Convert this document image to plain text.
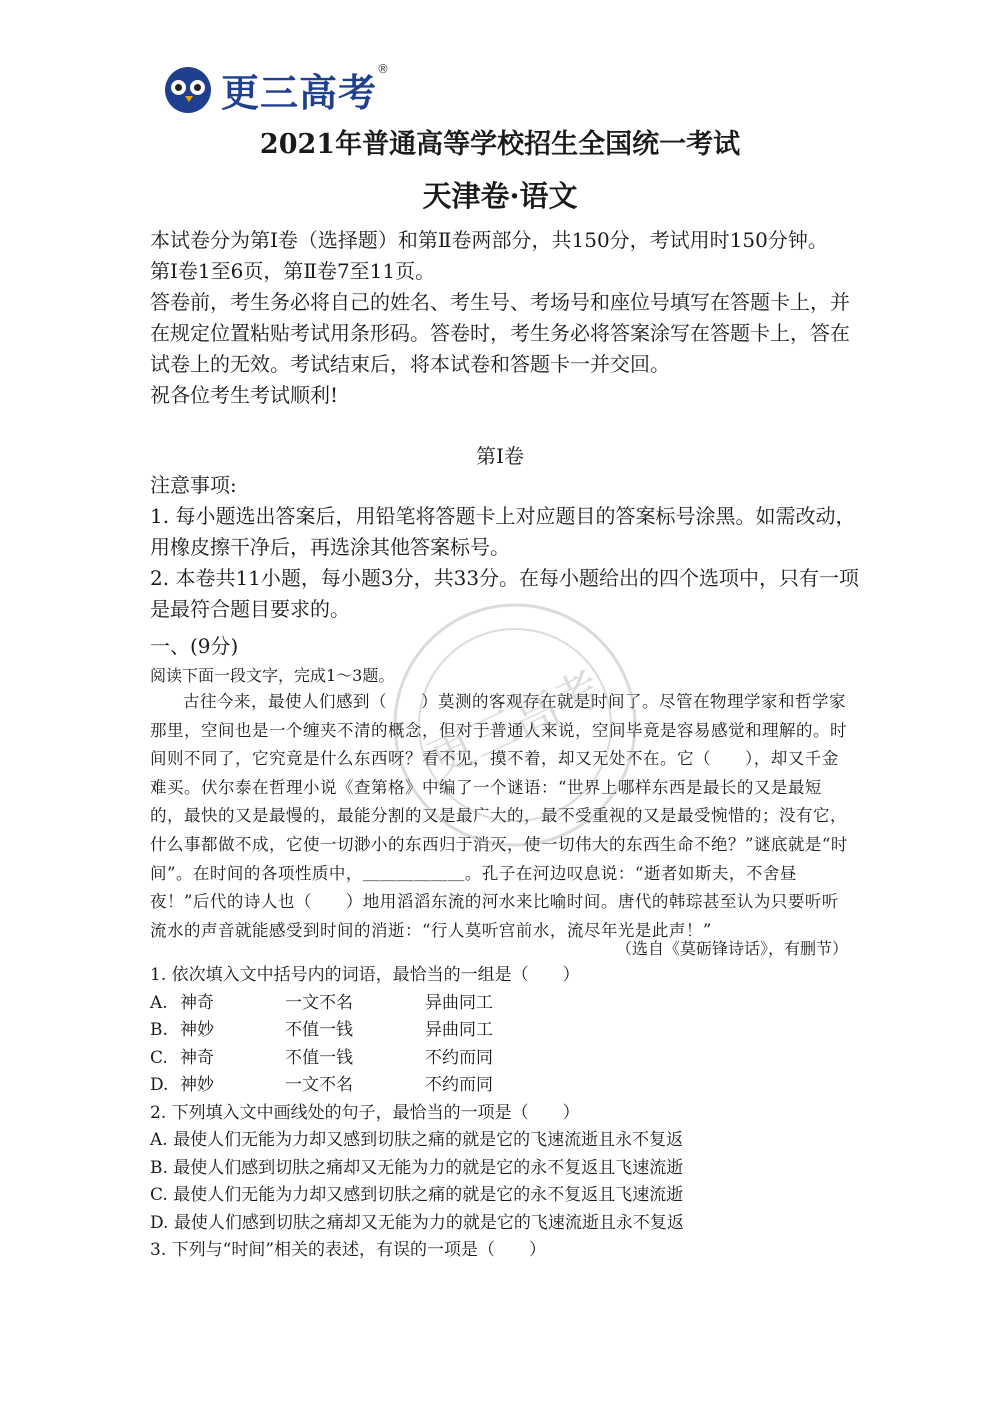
更三高考®
2021年普通高等学校招生全国统一考试
天津卷·语文
本试卷分为第Ⅰ卷（选择题）和第Ⅱ卷两部分，共150分，考试用时150分钟。
第Ⅰ卷1至6页，第Ⅱ卷7至11页。
答卷前，考生务必将自己的姓名、考生号、考场号和座位号填写在答题卡上，并在规定位置粘贴考试用条形码。答卷时，考生务必将答案涂写在答题卡上，答在试卷上的无效。考试结束后，将本试卷和答题卡一并交回。
祝各位考生考试顺利!
第Ⅰ卷
注意事项:
1. 每小题选出答案后，用铅笔将答题卡上对应题目的答案标号涂黑。如需改动，用橡皮擦干净后，再选涂其他答案标号。
2. 本卷共11小题，每小题3分，共33分。在每小题给出的四个选项中，只有一项是最符合题目要求的。
一、(9分)
阅读下面一段文字，完成1～3题。

古往今来，最使人们感到（　　）莫测的客观存在就是时间了。尽管在物理学家和哲学家那里，空间也是一个缠夹不清的概念，但对于普通人来说，空间毕竟是容易感觉和理解的。时间则不同了，它究竟是什么东西呀？看不见，摸不着，却又无处不在。它（　　），却又千金难买。伏尔泰在哲理小说《查第格》中编了一个谜语：“世界上哪样东西是最长的又是最短的，最快的又是最慢的，最能分割的又是最广大的，最不受重视的又是最受惋惜的；没有它，什么事都做不成，它使一切渺小的东西归于消灭，使一切伟大的东西生命不绝？”谜底就是“时间”。在时间的各项性质中，＿＿＿＿＿＿。孔子在河边叹息说：“逝者如斯夫，不舍昼夜！”后代的诗人也（　　）地用滔滔东流的河水来比喻时间。唐代的韩琮甚至认为只要听听流水的声音就能感受到时间的消逝：“行人莫听宫前水，流尽年光是此声！”

（选自《莫砺锋诗话》，有删节）
1. 依次填入文中括号内的词语，最恰当的一组是（　　）
A. 神奇	一文不名	异曲同工
B. 神妙	不值一钱	异曲同工
C. 神奇	不值一钱	不约而同
D. 神妙	一文不名	不约而同
2. 下列填入文中画线处的句子，最恰当的一项是（　　）
A. 最使人们无能为力却又感到切肤之痛的就是它的飞速流逝且永不复返
B. 最使人们感到切肤之痛却又无能为力的就是它的永不复返且飞速流逝
C. 最使人们无能为力却又感到切肤之痛的就是它的永不复返且飞速流逝
D. 最使人们感到切肤之痛却又无能为力的就是它的飞速流逝且永不复返
3. 下列与“时间”相关的表述，有误的一项是（　　）
更三高考
